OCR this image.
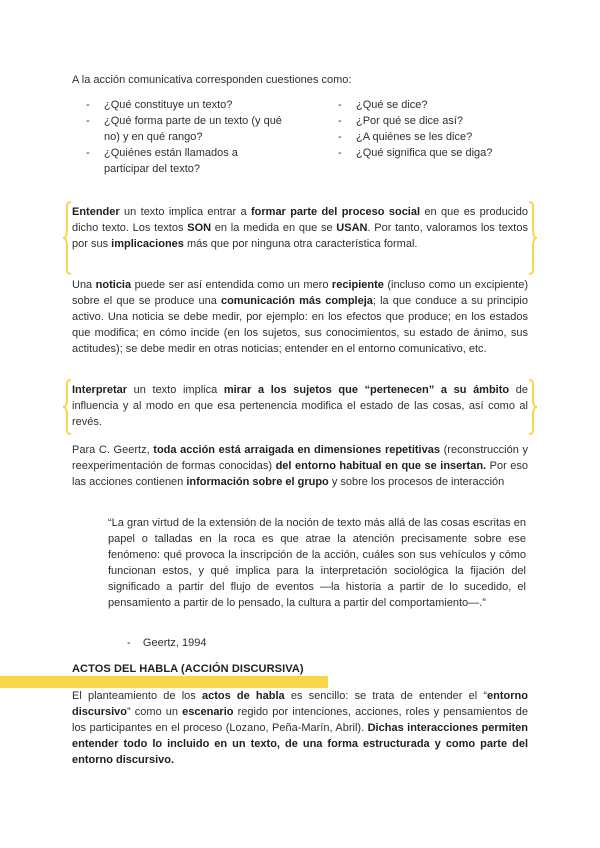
A la acción comunicativa corresponden cuestiones como:

- ¿Qué constituye un texto?
- ¿Qué forma parte de un texto (y qué no) y en qué rango?
- ¿Quiénes están llamados a participar del texto?
- ¿Qué se dice?
- ¿Por qué se dice así?
- ¿A quiénes se les dice?
- ¿Qué significa que se diga?
Entender un texto implica entrar a formar parte del proceso social en que es producido dicho texto. Los textos SON en la medida en que se USAN. Por tanto, valoramos los textos por sus implicaciones más que por ninguna otra característica formal.

Una noticia puede ser así entendida como un mero recipiente (incluso como un excipiente) sobre el que se produce una comunicación más compleja; la que conduce a su principio activo. Una noticia se debe medir, por ejemplo: en los efectos que produce; en los estados que modifica; en cómo incide (en los sujetos, sus conocimientos, su estado de ánimo, sus actitudes); se debe medir en otras noticias; entender en el entorno comunicativo, etc.

Interpretar un texto implica mirar a los sujetos que “pertenecen” a su ámbito de influencia y al modo en que esa pertenencia modifica el estado de las cosas, así como al revés.

Para C. Geertz, toda acción está arraigada en dimensiones repetitivas (reconstrucción y reexperimentación de formas conocidas) del entorno habitual en que se insertan. Por eso las acciones contienen información sobre el grupo y sobre los procesos de interacción

“La gran virtud de la extensión de la noción de texto más allá de las cosas escritas en papel o talladas en la roca es que atrae la atención precisamente sobre ese fenómeno: qué provoca la inscripción de la acción, cuáles son sus vehículos y cómo funcionan estos, y qué implica para la interpretación sociológica la fijación del significado a partir del flujo de eventos —la historia a partir de lo sucedido, el pensamiento a partir de lo pensado, la cultura a partir del comportamiento—.”

- Geertz, 1994
ACTOS DEL HABLA (ACCIÓN DISCURSIVA)

El planteamiento de los actos de habla es sencillo: se trata de entender el “entorno discursivo” como un escenario regido por intenciones, acciones, roles y pensamientos de los participantes en el proceso (Lozano, Peña-Marín, Abril). Dichas interacciones permiten entender todo lo incluido en un texto, de una forma estructurada y como parte del entorno discursivo.
